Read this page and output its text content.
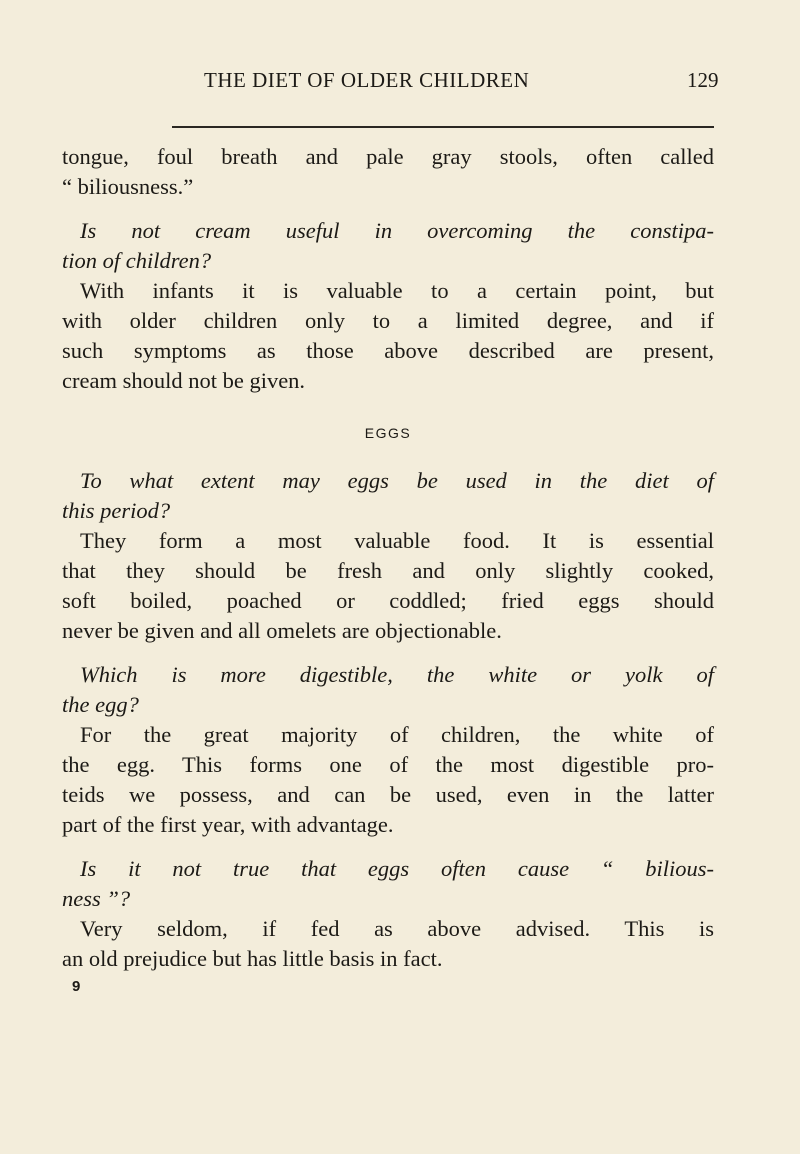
THE DIET OF OLDER CHILDREN	129
tongue, foul breath and pale gray stools, often called
“ biliousness.”
Is not cream useful in overcoming the constipa-
tion of children?
With infants it is valuable to a certain point, but
with older children only to a limited degree, and if
such symptoms as those above described are present,
cream should not be given.
EGGS
To what extent may eggs be used in the diet of
this period?
They form a most valuable food. It is essential
that they should be fresh and only slightly cooked,
soft boiled, poached or coddled; fried eggs should
never be given and all omelets are objectionable.
Which is more digestible, the white or yolk of
the egg?
For the great majority of children, the white of
the egg. This forms one of the most digestible pro-
teids we possess, and can be used, even in the latter
part of the first year, with advantage.
Is it not true that eggs often cause “ bilious-
ness ”?
Very seldom, if fed as above advised. This is
an old prejudice but has little basis in fact.
9
